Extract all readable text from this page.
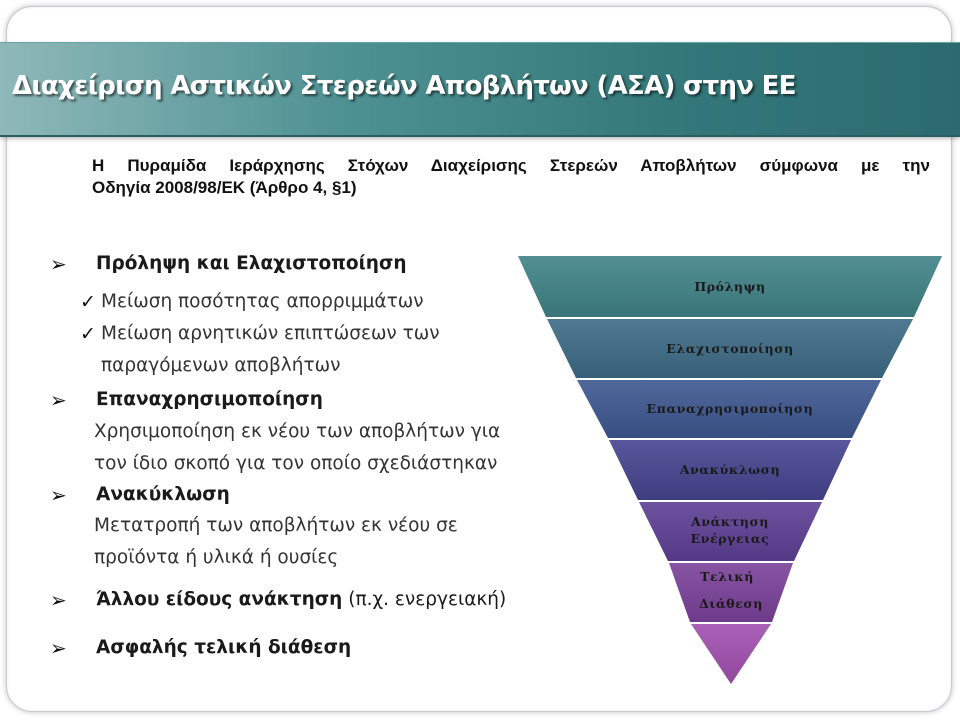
Διαχείριση Αστικών Στερεών Αποβλήτων (ΑΣΑ) στην ΕΕ
Η Πυραμίδα Ιεράρχησης Στόχων Διαχείρισης Στερεών Αποβλήτων σύμφωνα με την
Οδηγία 2008/98/ΕΚ (Άρθρο 4, §1)
➢ Πρόληψη και Ελαχιστοποίηση
✓ Μείωση ποσότητας απορριμμάτων
✓ Μείωση αρνητικών επιπτώσεων των
παραγόμενων αποβλήτων
➢ Επαναχρησιμοποίηση
Χρησιμοποίηση εκ νέου των αποβλήτων για
τον ίδιο σκοπό για τον οποίο σχεδιάστηκαν
➢ Ανακύκλωση
Μετατροπή των αποβλήτων εκ νέου σε
προϊόντα ή υλικά ή ουσίες
➢ Άλλου είδους ανάκτηση (π.χ. ενεργειακή)
➢ Ασφαλής τελική διάθεση
Πρόληψη
Ελαχιστοποίηση
Επαναχρησιμοποίηση
Ανακύκλωση
Ανάκτηση
Ενέργειας
Τελική
Διάθεση
